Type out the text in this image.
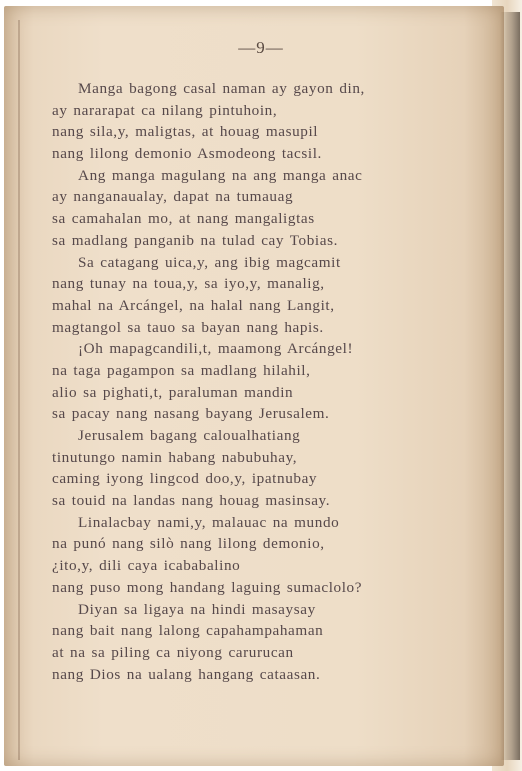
—9—
Manga bagong casal naman ay gayon din,
ay nararapat ca nilang pintuhoin,
nang sila,y, maligtas, at houag masupil
nang lilong demonio Asmodeong tacsil.
Ang manga magulang na ang manga anac
ay nanganaualay, dapat na tumauag
sa camahalan mo, at nang mangaligtas
sa madlang panganib na tulad cay Tobias.
Sa catagang uica,y, ang ibig magcamit
nang tunay na toua,y, sa iyo,y, manalig,
mahal na Arcángel, na halal nang Langit,
magtangol sa tauo sa bayan nang hapis.
¡Oh mapagcandili,t, maamong Arcángel!
na taga pagampon sa madlang hilahil,
alio sa pighati,t, paraluman mandin
sa pacay nang nasang bayang Jerusalem.
Jerusalem bagang caloualhatiang
tinutungo namin habang nabubuhay,
caming iyong lingcod doo,y, ipatnubay
sa touid na landas nang houag masinsay.
Linalacbay nami,y, malauac na mundo
na punó nang silò nang lilong demonio,
¿ito,y, dili caya icababalino
nang puso mong handang laguing sumaclolo?
Diyan sa ligaya na hindi masaysay
nang bait nang lalong capahampahaman
at na sa piling ca niyong carurucan
nang Dios na ualang hangang cataasan.
